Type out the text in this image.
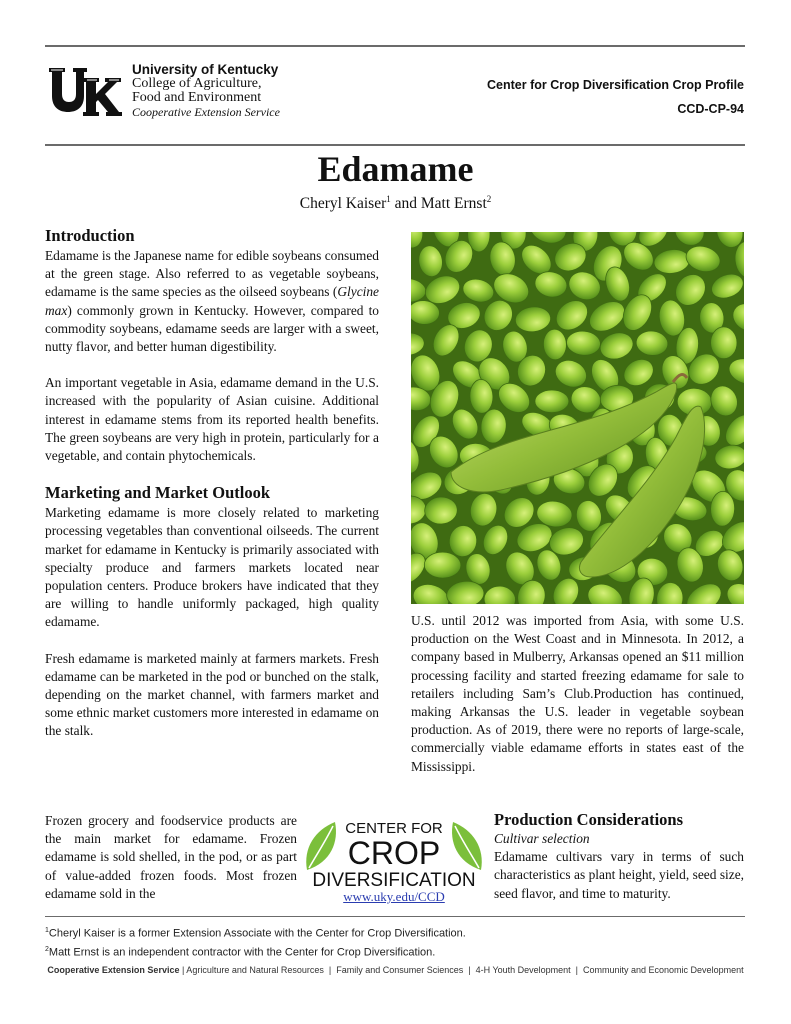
University of Kentucky
College of Agriculture,
Food and Environment
Cooperative Extension Service
Center for Crop Diversification Crop Profile
CCD-CP-94
Edamame
Cheryl Kaiser$^1$ and Matt Ernst$^2$
Introduction

Edamame is the Japanese name for edible soybeans consumed at the green stage. Also referred to as vegetable soybeans, edamame is the same species as the oilseed soybeans (Glycine max) commonly grown in Kentucky. However, compared to commodity soybeans, edamame seeds are larger with a sweet, nutty flavor, and better human digestibility.

An important vegetable in Asia, edamame demand in the U.S. increased with the popularity of Asian cuisine. Additional interest in edamame stems from its reported health benefits. The green soybeans are very high in protein, particularly for a vegetable, and contain phytochemicals.

Marketing and Market Outlook

Marketing edamame is more closely related to marketing processing vegetables than conventional oilseeds. The current market for edamame in Kentucky is primarily associated with specialty produce and farmers markets located near population centers. Produce brokers have indicated that they are willing to handle uniformly packaged, high quality edamame.

Fresh edamame is marketed mainly at farmers markets. Fresh edamame can be marketed in the pod or bunched on the stalk, depending on the market channel, with farmers market and some ethnic market customers more interested in edamame on the stalk.

U.S. until 2012 was imported from Asia, with some U.S. production on the West Coast and in Minnesota. In 2012, a company based in Mulberry, Arkansas opened an $11 million processing facility and started freezing edamame for sale to retailers including Sam’s Club.Production has continued, making Arkansas the U.S. leader in vegetable soybean production. As of 2019, there were no reports of large-scale, commercially viable edamame efforts in states east of the Mississippi.

Frozen grocery and foodservice products are the main market for edamame. Frozen edamame is sold shelled, in the pod, or as part of value-added frozen foods. Most frozen edamame sold in the
CENTER FOR
CROP
DIVERSIFICATION
www.uky.edu/CCD
Production Considerations
Cultivar selection
Edamame cultivars vary in terms of such characteristics as plant height, yield, seed size, seed flavor, and time to maturity.
$^1$Cheryl Kaiser is a former Extension Associate with the Center for Crop Diversification.
$^2$Matt Ernst is an independent contractor with the Center for Crop Diversification.
Cooperative Extension Service | Agriculture and Natural Resources  |  Family and Consumer Sciences  |  4-H Youth Development  |  Community and Economic Development
